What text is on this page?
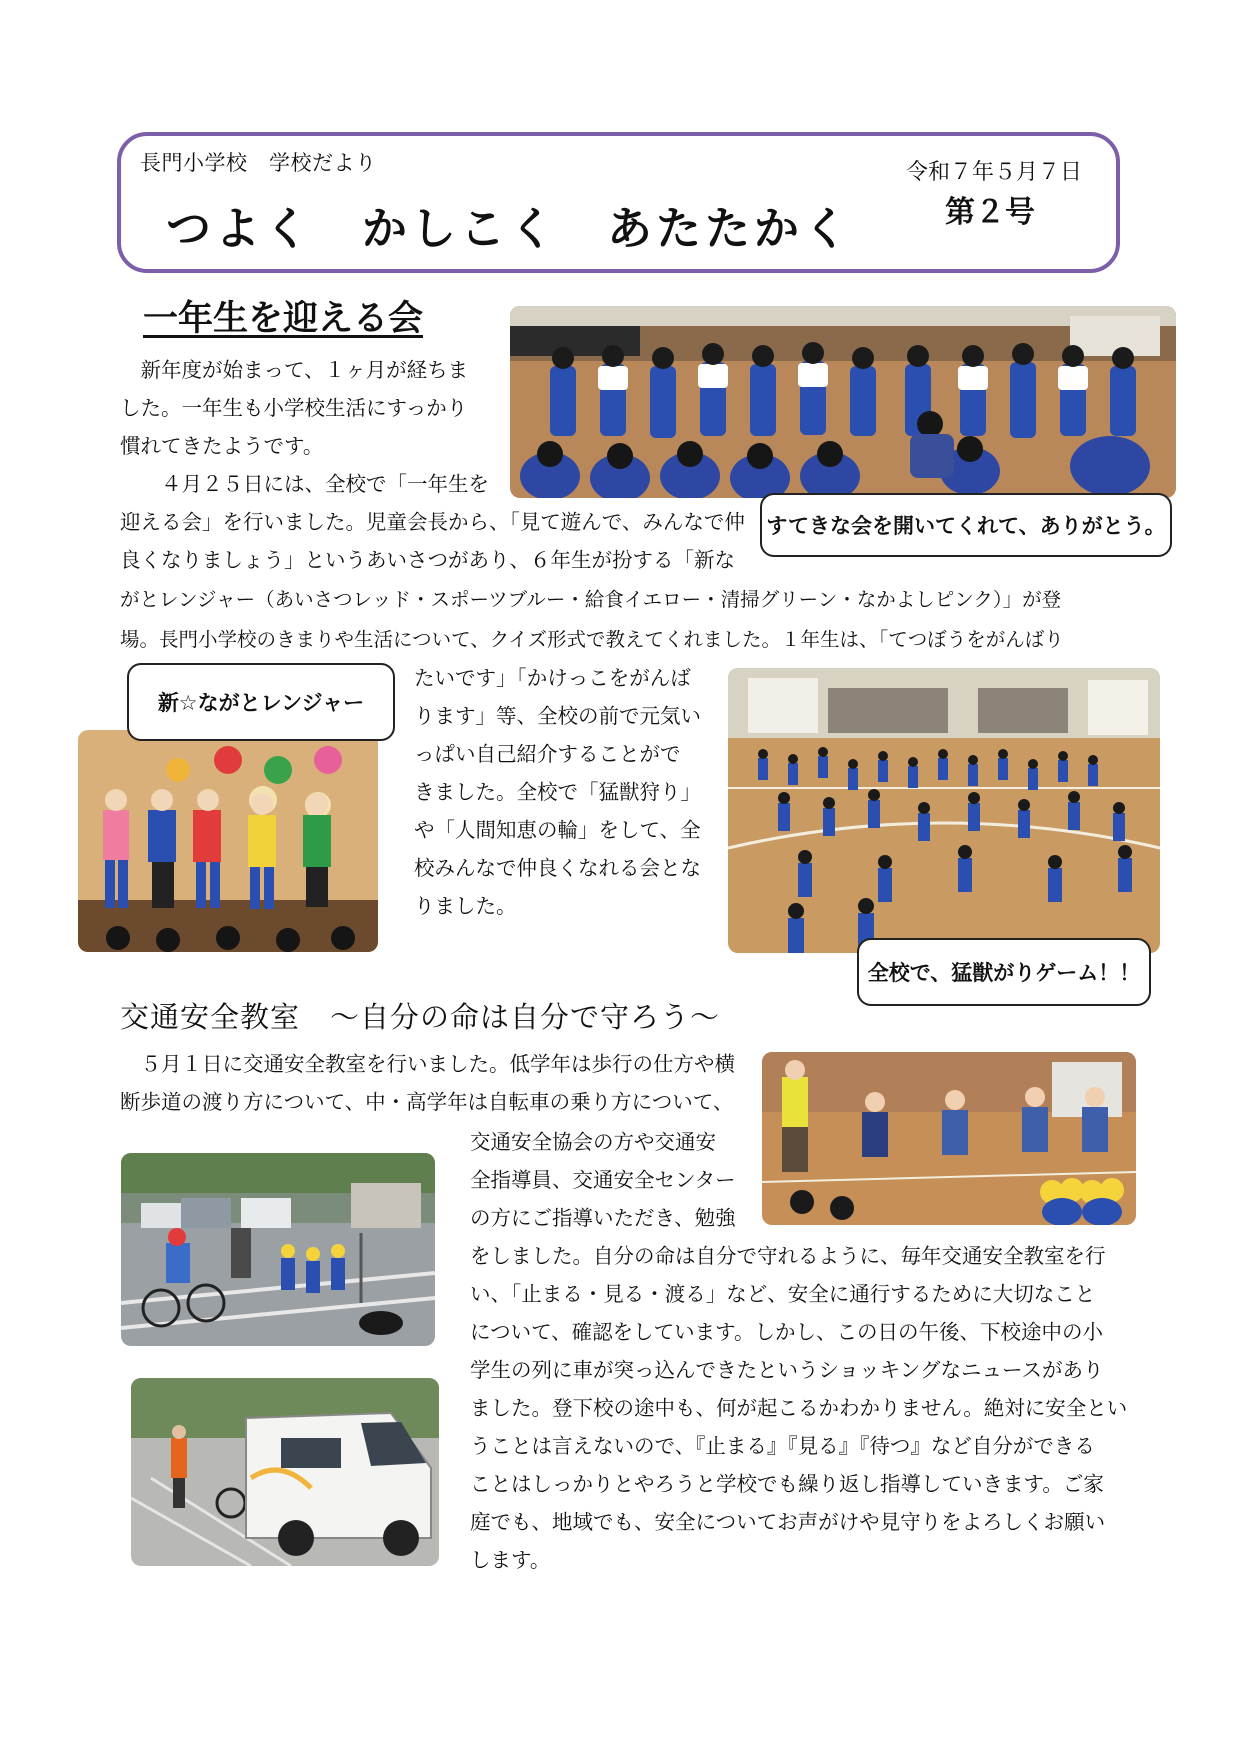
長門小学校　学校だより
つよく　かしこく　あたたかく
令和７年５月７日
第２号
一年生を迎える会
　新年度が始まって、１ヶ月が経ちま
した。一年生も小学校生活にすっかり
慣れてきたようです。
　　４月２５日には、全校で「一年生を
迎える会」を行いました。児童会長から、「見て遊んで、みんなで仲
良くなりましょう」というあいさつがあり、６年生が扮する「新な
がとレンジャー（あいさつレッド・スポーツブルー・給食イエロー・清掃グリーン・なかよしピンク）」が登
場。長門小学校のきまりや生活について、クイズ形式で教えてくれました。１年生は、「てつぼうをがんばり
たいです」「かけっこをがんば
ります」等、全校の前で元気い
っぱい自己紹介することがで
きました。全校で「猛獣狩り」
や「人間知恵の輪」をして、全
校みんなで仲良くなれる会とな
りました。
すてきな会を開いてくれて、ありがとう。
新☆ながとレンジャー
全校で、猛獣がりゲーム！！
交通安全教室　～自分の命は自分で守ろう～
　５月１日に交通安全教室を行いました。低学年は歩行の仕方や横
断歩道の渡り方について、中・高学年は自転車の乗り方について、
交通安全協会の方や交通安
全指導員、交通安全センター
の方にご指導いただき、勉強
をしました。自分の命は自分で守れるように、毎年交通安全教室を行
い、「止まる・見る・渡る」など、安全に通行するために大切なこと
について、確認をしています。しかし、この日の午後、下校途中の小
学生の列に車が突っ込んできたというショッキングなニュースがあり
ました。登下校の途中も、何が起こるかわかりません。絶対に安全とい
うことは言えないので、『止まる』『見る』『待つ』など自分ができる
ことはしっかりとやろうと学校でも繰り返し指導していきます。ご家
庭でも、地域でも、安全についてお声がけや見守りをよろしくお願い
します。
